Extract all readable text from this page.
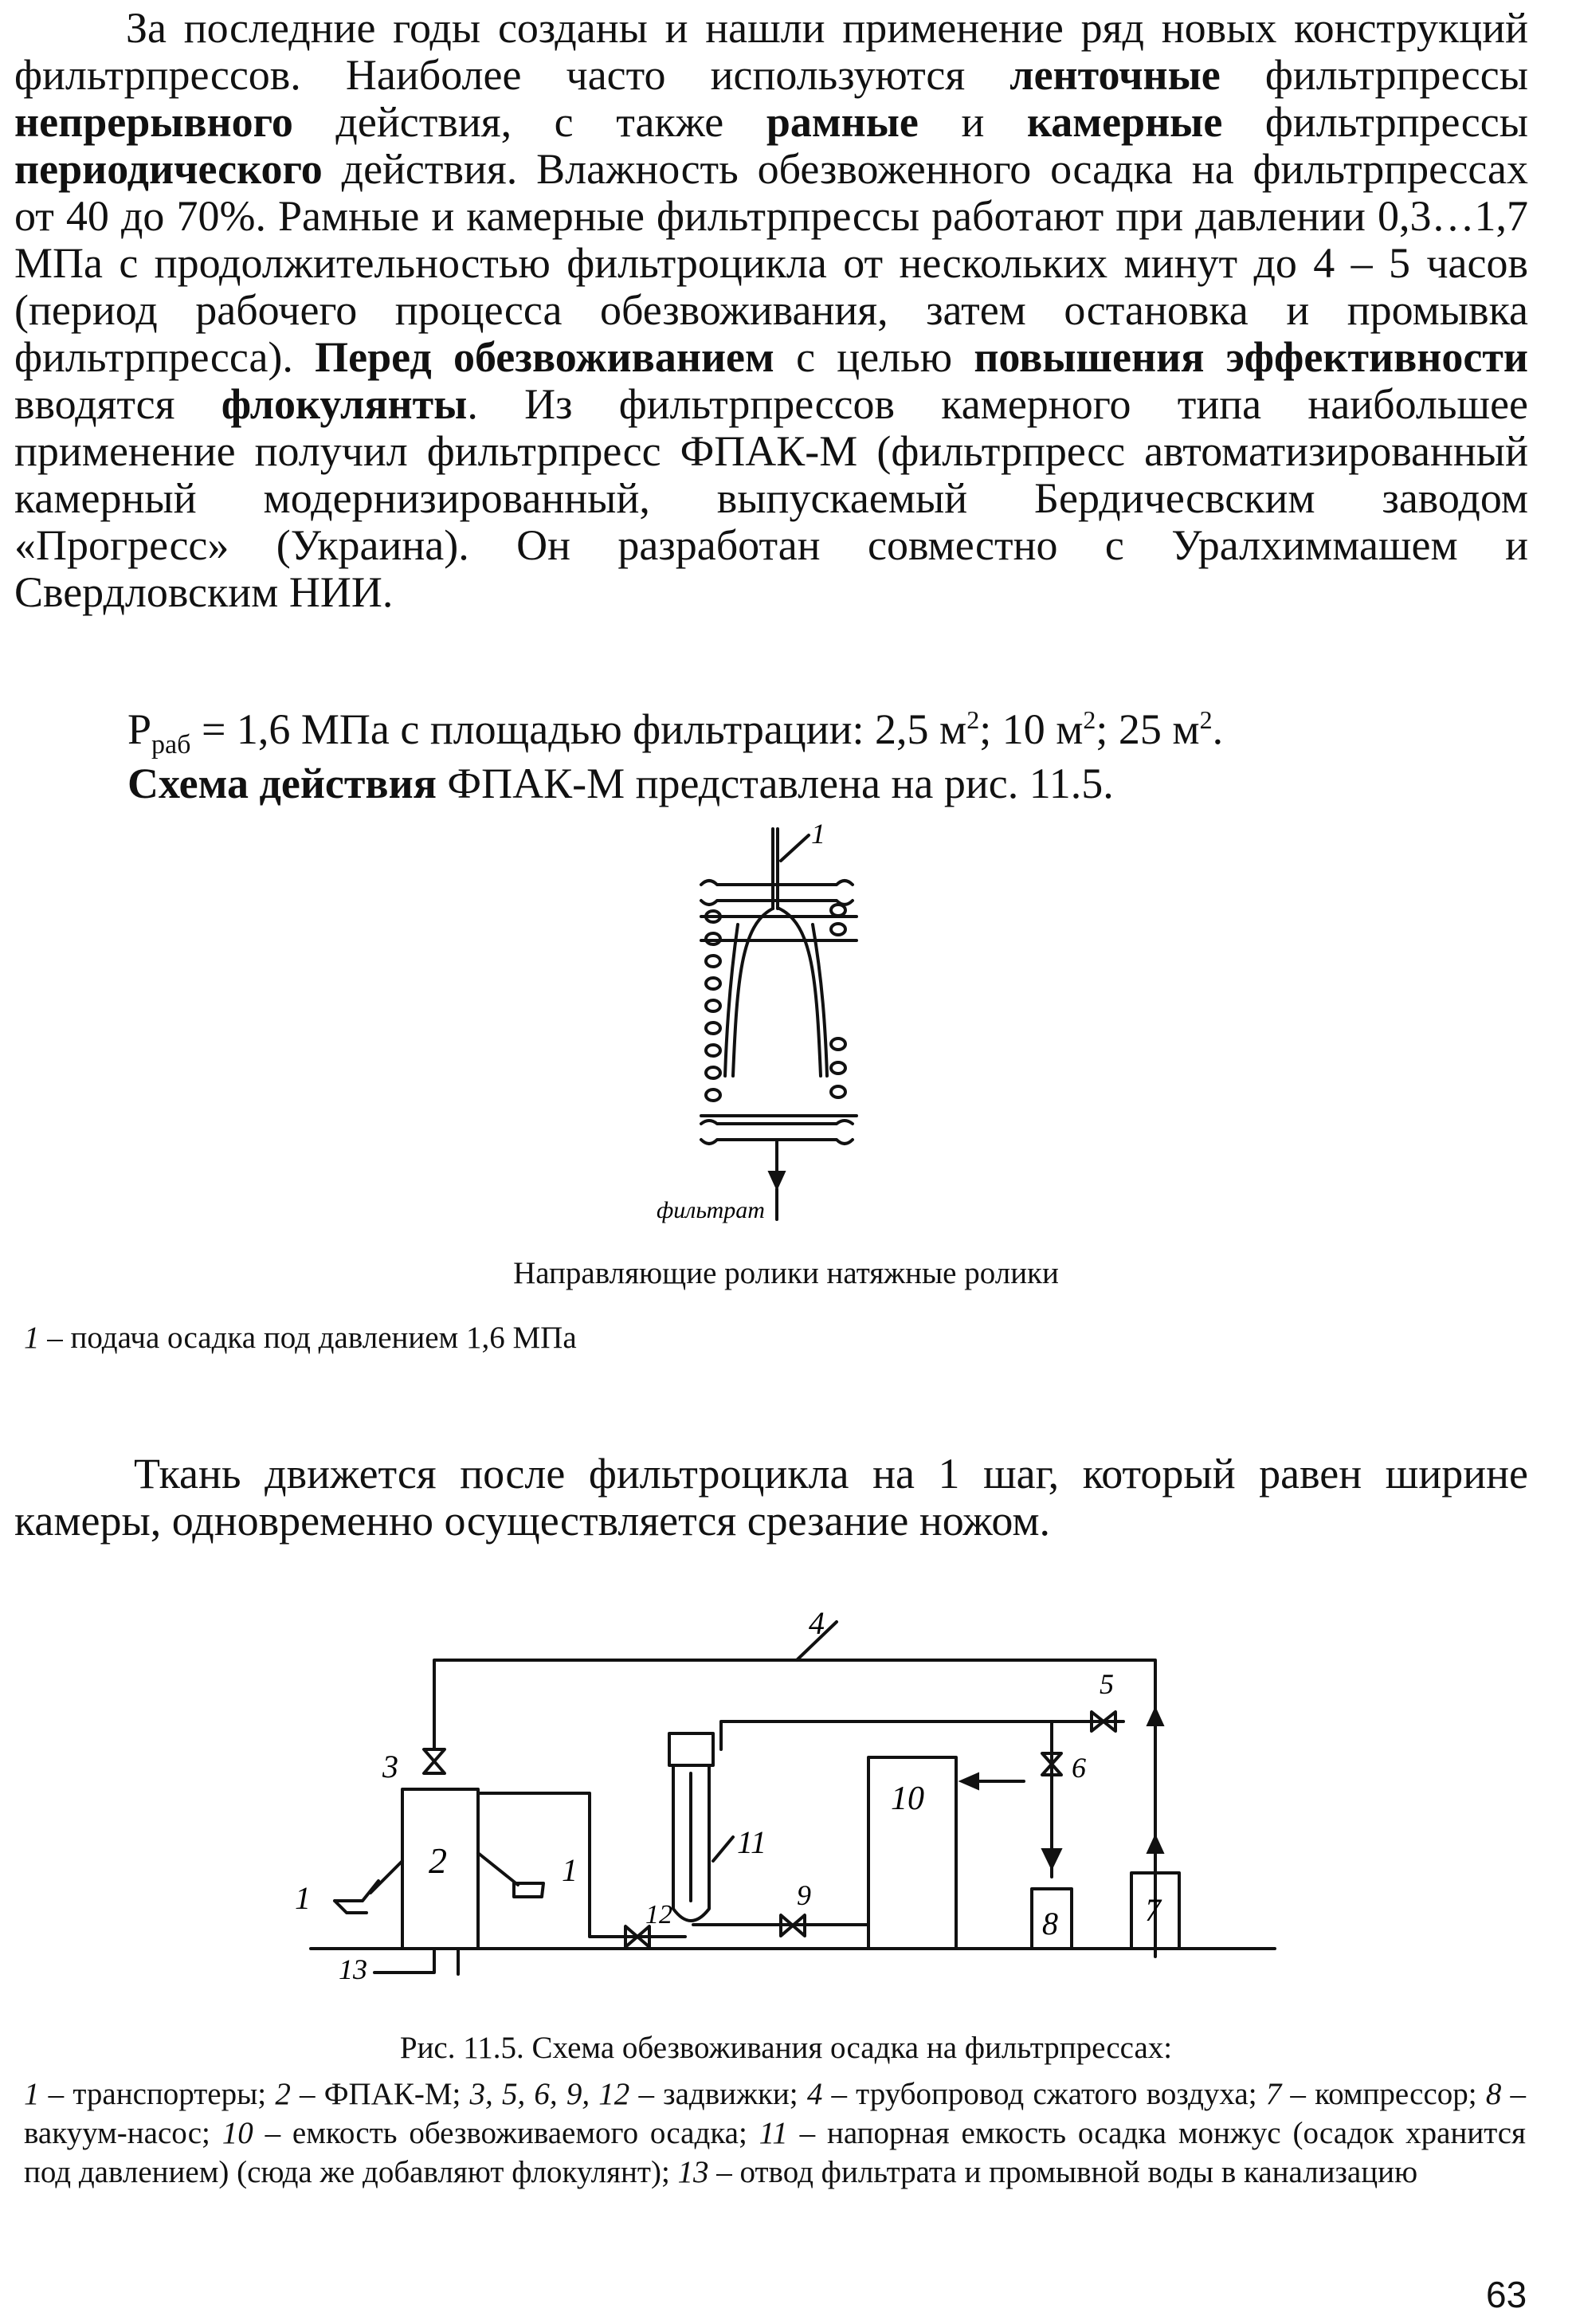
За последние годы созданы и нашли применение ряд новых конструкций фильтрпрессов. Наиболее часто используются ленточные фильтрпрессы непрерывного действия, с также рамные и камерные фильтрпрессы периодического действия. Влажность обезвоженного осадка на фильтрпрессах от 40 до 70%. Рамные и камерные фильтрпрессы работают при давлении 0,3…1,7 МПа с продолжительностью фильтроцикла от нескольких минут до 4 – 5 часов (период рабочего процесса обезвоживания, затем остановка и промывка фильтрпресса). Перед обезвоживанием с целью повышения эффективности вводятся флокулянты. Из фильтрпрессов камерного типа наибольшее применение получил фильтрпресс ФПАК-М (фильтрпресс автоматизированный камерный модернизированный, выпускаемый Бердичесвским заводом «Прогресс» (Украина). Он разработан совместно с Уралхиммашем и Свердловским НИИ.
$Р_{раб} = 1,6$ МПа с площадью фильтрации: 2,5 $м^2$; 10 $м^2$; 25 $м^2$.
Схема действия ФПАК-М представлена на рис. 11.5.
1
фильтрат
Направляющие ролики натяжные ролики
1 – подача осадка под давлением 1,6 МПа
Ткань движется после фильтроцикла на 1 шаг, который равен ширине камеры, одновременно осуществляется срезание ножом.
4
3
2
1
1
13
12
11
9
10
6
8
5
7
Рис. 11.5. Схема обезвоживания осадка на фильтрпрессах:
1 – транспортеры; 2 – ФПАК-М; 3, 5, 6, 9, 12 – задвижки; 4 – трубопровод сжатого воздуха; 7 – компрессор; 8 – вакуум-насос; 10 – емкость обезвоживаемого осадка; 11 – напорная емкость осадка монжус (осадок хранится под давлением) (сюда же добавляют флокулянт); 13 – отвод фильтрата и промывной воды в канализацию
63
